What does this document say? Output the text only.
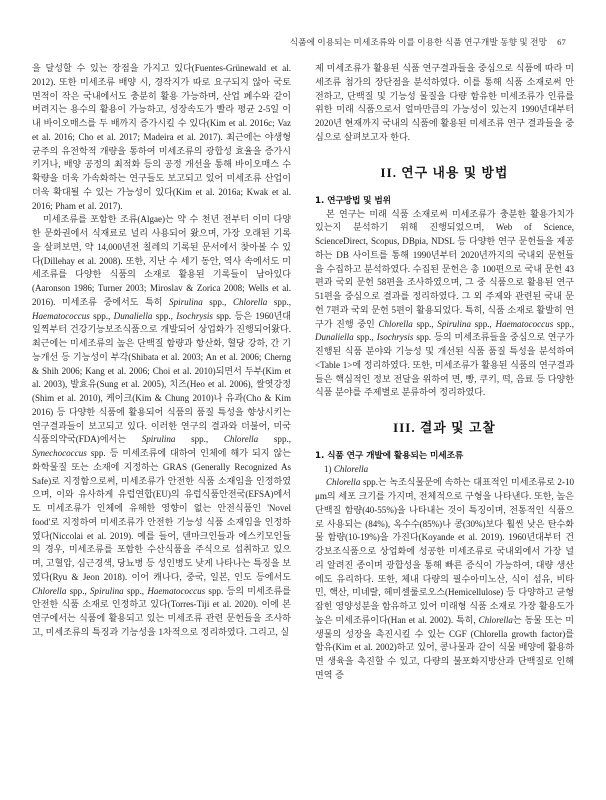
식품에 이용되는 미세조류와 이를 이용한 식품 연구개발 동향 및 전망 67

을 달성할 수 있는 장점을 가지고 있다(Fuentes-Grünewald et al. 2012). 또한 미세조류 배양 시, 경작지가 따로 요구되지 않아 국토 면적이 작은 국내에서도 충분히 활용 가능하며, 산업 폐수와 같이 버려지는 용수의 활용이 가능하고, 성장속도가 빨라 평균 2-5일 이내 바이오매스를 두 배까지 증가시킬 수 있다(Kim et al. 2016c; Vaz et al. 2016; Cho et al. 2017; Madeira et al. 2017). 최근에는 야생형 균주의 유전학적 개량을 통하여 미세조류의 광합성 효율을 증가시키거나, 배양 공정의 최적화 등의 공정 개선을 통해 바이오매스 수확량을 더욱 가속화하는 연구들도 보고되고 있어 미세조류 산업이 더욱 확대될 수 있는 가능성이 있다(Kim et al. 2016a; Kwak et al. 2016; Pham et al. 2017).

미세조류를 포함한 조류(Algae)는 약 수 천년 전부터 이미 다양한 문화권에서 식재료로 널리 사용되어 왔으며, 가장 오래된 기록을 살펴보면, 약 14,000년전 칠레의 기록된 문서에서 찾아볼 수 있다(Dillehay et al. 2008). 또한, 지난 수 세기 동안, 역사 속에서도 미세조류를 다양한 식품의 소재로 활용된 기록들이 남아있다(Aaronson 1986; Turner 2003; Miroslav & Zorica 2008; Wells et al. 2016). 미세조류 중에서도 특히 Spirulina spp., Chlorella spp., Haematococcus spp., Dunaliella spp., Isochrysis spp. 등은 1960년대 일찍부터 건강기능보조식품으로 개발되어 상업화가 진행되어왔다. 최근에는 미세조류의 높은 단백질 함량과 항산화, 혈당 강하, 간 기능개선 등 기능성이 부각(Shibata et al. 2003; An et al. 2006; Cherng & Shih 2006; Kang et al. 2006; Choi et al. 2010)되면서 두부(Kim et al. 2003), 발효유(Sung et al. 2005), 치즈(Heo et al. 2006), 쌀엿강정(Shim et al. 2010), 케이크(Kim & Chung 2010)나 유과(Cho & Kim 2016) 등 다양한 식품에 활용되어 식품의 품질 특성을 향상시키는 연구결과들이 보고되고 있다. 이러한 연구의 결과와 더불어, 미국 식품의약국(FDA)에서는 Spirulina spp., Chlorella spp., Synechococcus spp. 등 미세조류에 대하여 인체에 해가 되지 않는 화학물질 또는 소재에 지정하는 GRAS (Generally Recognized As Safe)로 지정함으로써, 미세조류가 안전한 식품 소재임을 인정하였으며, 이와 유사하게 유럽연합(EU)의 유럽식품안전국(EFSA)에서도 미세조류가 인체에 유해한 영향이 없는 안전식품인 'Novel food'로 지정하여 미세조류가 안전한 기능성 식품 소재임을 인정하였다(Niccolai et al. 2019). 예를 들어, 덴마크인들과 에스키모인들의 경우, 미세조류를 포함한 수산식품을 주식으로 섭취하고 있으며, 고혈압, 심근경색, 당뇨병 등 성인병도 낮게 나타나는 특징을 보였다(Ryu & Jeon 2018). 이어 캐나다, 중국, 일본, 인도 등에서도 Chlorella spp., Spirulina spp., Haematococcus spp. 등의 미세조류를 안전한 식품 소재로 인정하고 있다(Torres-Tiji et al. 2020). 이에 본 연구에서는 식품에 활용되고 있는 미세조류 관련 문헌들을 조사하고, 미세조류의 특징과 기능성을 1차적으로 정리하였다. 그리고, 실

제 미세조류가 활용된 식품 연구결과들을 중심으로 식품에 따라 미세조류 첨가의 장단점을 분석하였다. 이를 통해 식품 소재로써 안전하고, 단백질 및 기능성 물질을 다량 함유한 미세조류가 인류를 위한 미래 식품으로서 얼마만큼의 가능성이 있는지 1990년대부터 2020년 현재까지 국내의 식품에 활용된 미세조류 연구 결과들을 중심으로 살펴보고자 한다.

II. 연구 내용 및 방법
1. 연구방법 및 범위

본 연구는 미래 식품 소재로써 미세조류가 충분한 활용가치가 있는지 분석하기 위해 진행되었으며, Web of Science, ScienceDirect, Scopus, DBpia, NDSL 등 다양한 연구 문헌들을 제공하는 DB 사이트를 통해 1990년부터 2020년까지의 국내외 문헌들을 수집하고 분석하였다. 수집된 문헌은 총 100편으로 국내 문헌 43편과 국외 문헌 58편을 조사하였으며, 그 중 식품으로 활용된 연구 51편을 중심으로 결과를 정리하였다. 그 외 주제와 관련된 국내 문헌 7편과 국외 문헌 5편이 활용되었다. 특히, 식품 소재로 활발히 연구가 진행 중인 Chlorella spp., Spirulina spp., Haematococcus spp., Dunaliella spp., Isochrysis spp. 등의 미세조류들을 중심으로 연구가 진행된 식품 분야와 기능성 및 개선된 식품 품질 특성을 분석하여 <Table 1>에 정리하였다. 또한, 미세조류가 활용된 식품의 연구결과들은 핵심적인 정보 전달을 위하여 면, 빵, 쿠키, 떡, 음료 등 다양한 식품 분야를 주제별로 분류하여 정리하였다.

III. 결과 및 고찰
1. 식품 연구 개발에 활용되는 미세조류
1) Chlorella

Chlorella spp.는 녹조식물문에 속하는 대표적인 미세조류로 2-10 μm의 세포 크기를 가지며, 전체적으로 구형을 나타낸다. 또한, 높은 단백질 함량(40-55%)을 나타내는 것이 특징이며, 전통적인 식품으로 사용되는 (84%), 옥수수(85%)나 콩(30%)보다 훨씬 낮은 탄수화물 함량(10-19%)을 가진다(Koyande et al. 2019). 1960년대부터 건강보조식품으로 상업화에 성공한 미세조류로 국내외에서 가장 널리 알려진 종이며 광합성을 통해 빠른 증식이 가능하여, 대량 생산에도 유리하다. 또한, 체내 다량의 필수아미노산, 식이 섬유, 비타민, 핵산, 미네랄, 헤미셀룰로오스(Hemicellulose) 등 다양하고 균형 잡힌 영양성분을 함유하고 있어 미래형 식품 소재로 가장 활용도가 높은 미세조류이다(Han et al. 2002). 특히, Chlorella는 동물 또는 미생물의 성장을 촉진시킬 수 있는 CGF (Chlorella growth factor)를 함유(Kim et al. 2002)하고 있어, 콩나물과 같이 식물 배양에 활용하면 생육을 촉진할 수 있고, 다량의 불포화지방산과 단백질로 인해 면역 증
